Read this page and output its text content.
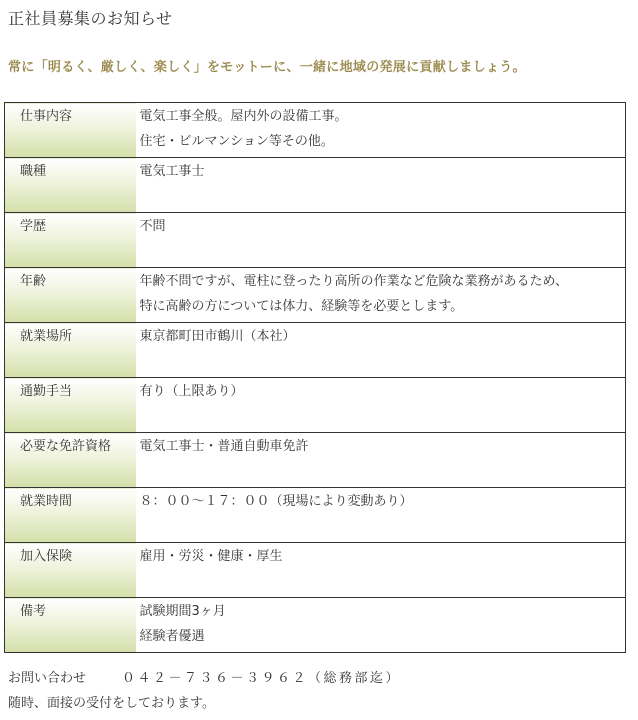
正社員募集のお知らせ
常に「明るく、厳しく、楽しく」をモットーに、一緒に地域の発展に貢献しましょう。
仕事内容	電気工事全般。屋内外の設備工事。
住宅・ビルマンション等その他。

職種	電気工事士

学歴	不問

年齢	年齢不問ですが、電柱に登ったり高所の作業など危険な業務があるため、
特に高齢の方については体力、経験等を必要とします。

就業場所	東京都町田市鶴川（本社）

通勤手当	有り（上限あり）

必要な免許資格	電気工事士・普通自動車免許

就業時間	８：００～１７：００（現場により変動あり）

加入保険	雇用・労災・健康・厚生

備考	試験期間3ヶ月
経験者優遇
お問い合わせ	０４２－７３６－３９６２（総務部迄）
随時、面接の受付をしております。
